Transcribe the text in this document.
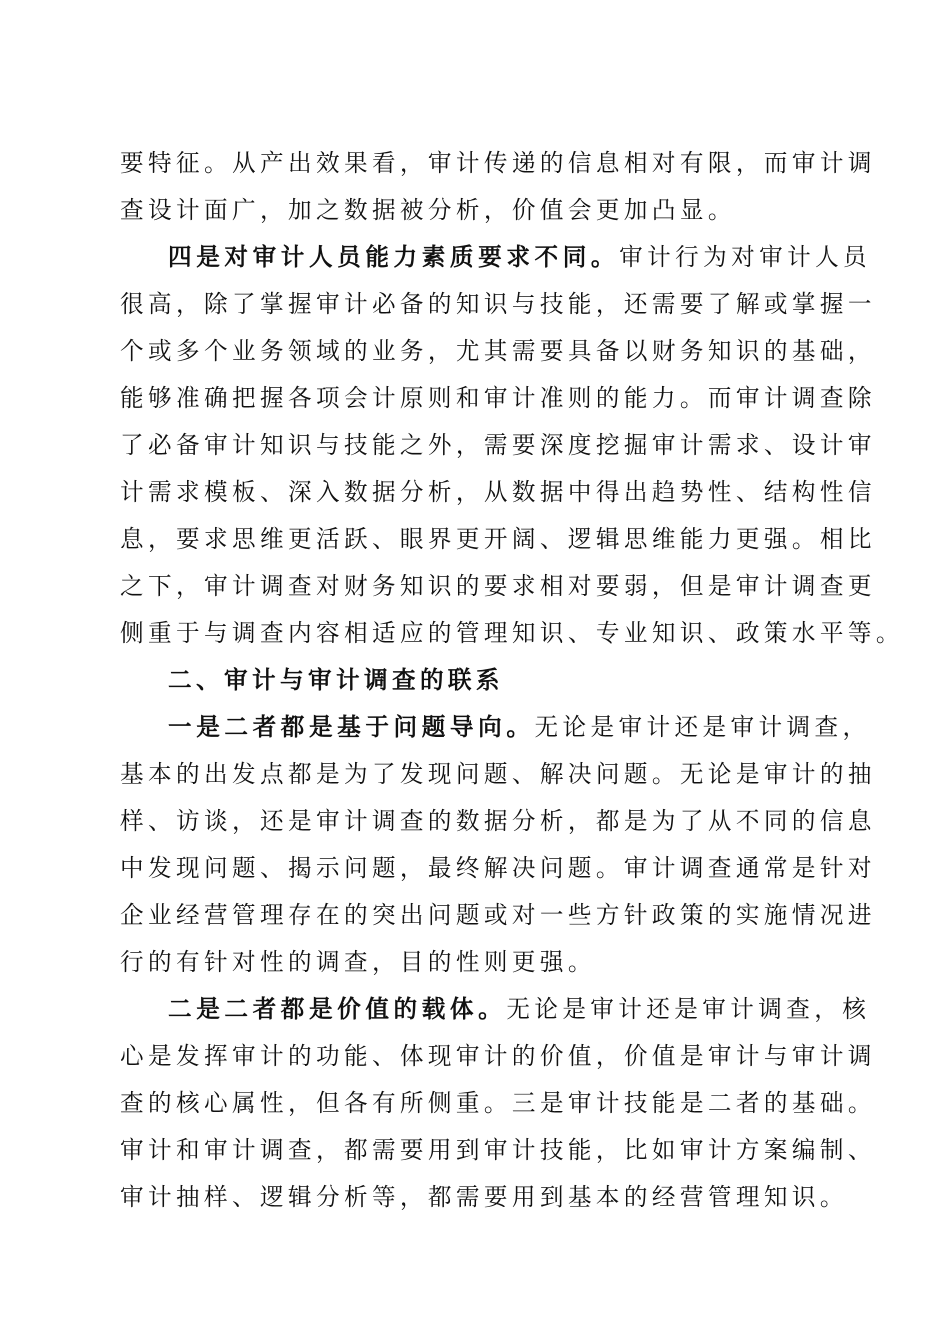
要特征。从产出效果看，审计传递的信息相对有限，而审计调
查设计面广，加之数据被分析，价值会更加凸显。
四是对审计人员能力素质要求不同。审计行为对审计人员
很高，除了掌握审计必备的知识与技能，还需要了解或掌握一
个或多个业务领域的业务，尤其需要具备以财务知识的基础，
能够准确把握各项会计原则和审计准则的能力。而审计调查除
了必备审计知识与技能之外，需要深度挖掘审计需求、设计审
计需求模板、深入数据分析，从数据中得出趋势性、结构性信
息，要求思维更活跃、眼界更开阔、逻辑思维能力更强。相比
之下，审计调查对财务知识的要求相对要弱，但是审计调查更
侧重于与调查内容相适应的管理知识、专业知识、政策水平等。
二、审计与审计调查的联系
一是二者都是基于问题导向。无论是审计还是审计调查，
基本的出发点都是为了发现问题、解决问题。无论是审计的抽
样、访谈，还是审计调查的数据分析，都是为了从不同的信息
中发现问题、揭示问题，最终解决问题。审计调查通常是针对
企业经营管理存在的突出问题或对一些方针政策的实施情况进
行的有针对性的调查，目的性则更强。
二是二者都是价值的载体。无论是审计还是审计调查，核
心是发挥审计的功能、体现审计的价值，价值是审计与审计调
查的核心属性，但各有所侧重。三是审计技能是二者的基础。
审计和审计调查，都需要用到审计技能，比如审计方案编制、
审计抽样、逻辑分析等，都需要用到基本的经营管理知识。
